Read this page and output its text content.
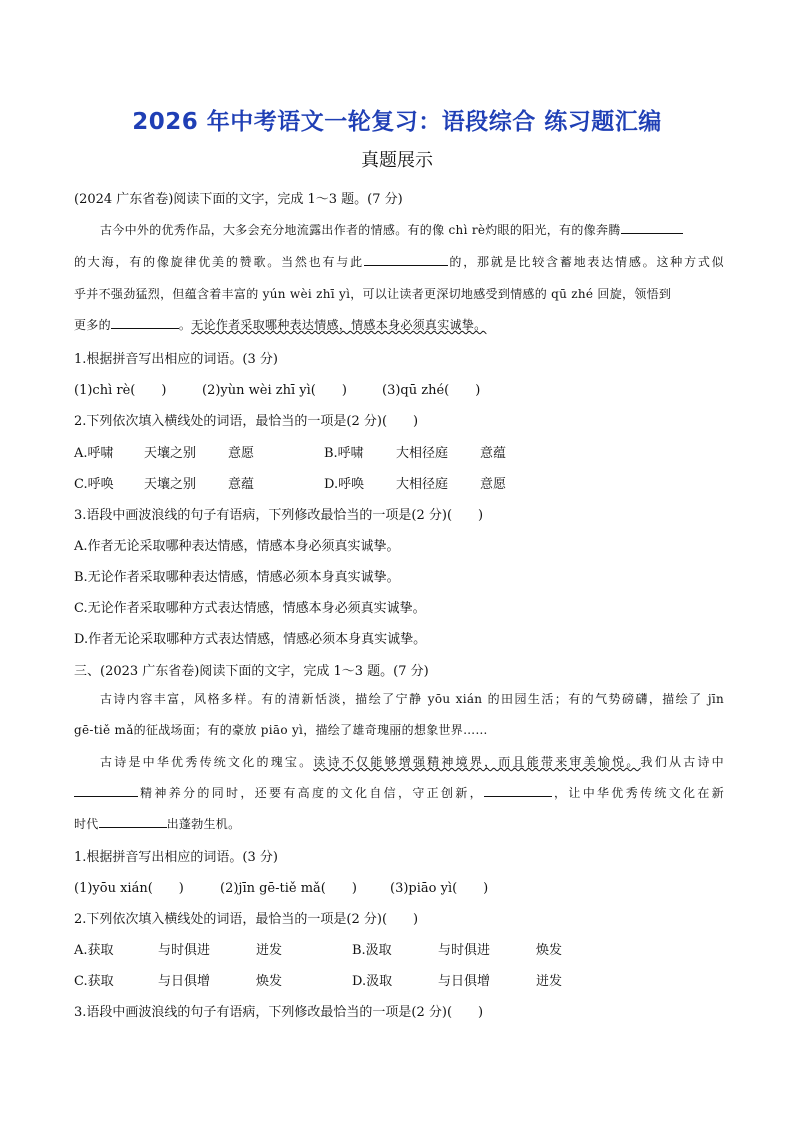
2026 年中考语文一轮复习：语段综合 练习题汇编
真题展示
(2024 广东省卷)阅读下面的文字，完成 1～3 题。(7 分)
古今中外的优秀作品，大多会充分地流露出作者的情感。有的像 chì rè灼眼的阳光，有的像奔腾
的大海，有的像旋律优美的赞歌。当然也有与此	的，那就是比较含蓄地表达情感。这种方式似
乎并不强劲猛烈，但蕴含着丰富的 yún wèi zhī yì，可以让读者更深切地感受到情感的 qū zhé 回旋，领悟到
更多的	。无论作者采取哪种表达情感，情感本身必须真实诚挚。
1.根据拼音写出相应的词语。(3 分)
(1)chì rè(　　)	(2)yùn wèi zhī yì(　　)	(3)qū zhé(　　)
2.下列依次填入横线处的词语，最恰当的一项是(2 分)(　　)
A.呼啸 天壤之别 意愿	B.呼啸 大相径庭 意蕴
C.呼唤 天壤之别 意蕴	D.呼唤 大相径庭 意愿
3.语段中画波浪线的句子有语病，下列修改最恰当的一项是(2 分)(　　)
A.作者无论采取哪种表达情感，情感本身必须真实诚挚。
B.无论作者采取哪种表达情感，情感必须本身真实诚挚。
C.无论作者采取哪种方式表达情感，情感本身必须真实诚挚。
D.作者无论采取哪种方式表达情感，情感必须本身真实诚挚。
三、(2023 广东省卷)阅读下面的文字，完成 1～3 题。(7 分)
古诗内容丰富，风格多样。有的清新恬淡，描绘了宁静 yōu xián 的田园生活；有的气势磅礴，描绘了 jīn
gē-tiě mǎ的征战场面；有的豪放 piāo yì，描绘了雄奇瑰丽的想象世界……
古诗是中华优秀传统文化的瑰宝。读诗不仅能够增强精神境界，而且能带来审美愉悦。我们从古诗中
精神养分的同时，还要有高度的文化自信，守正创新，	，让中华优秀传统文化在新
时代	出蓬勃生机。
1.根据拼音写出相应的词语。(3 分)
(1)yōu xián(　　)	(2)jīn gē-tiě mǎ(　　)	(3)piāo yì(　　)
2.下列依次填入横线处的词语，最恰当的一项是(2 分)(　　)
A.获取	与时俱进	迸发	B.汲取	与时俱进	焕发
C.获取	与日俱增	焕发	D.汲取	与日俱增	迸发
3.语段中画波浪线的句子有语病，下列修改最恰当的一项是(2 分)(　　)
